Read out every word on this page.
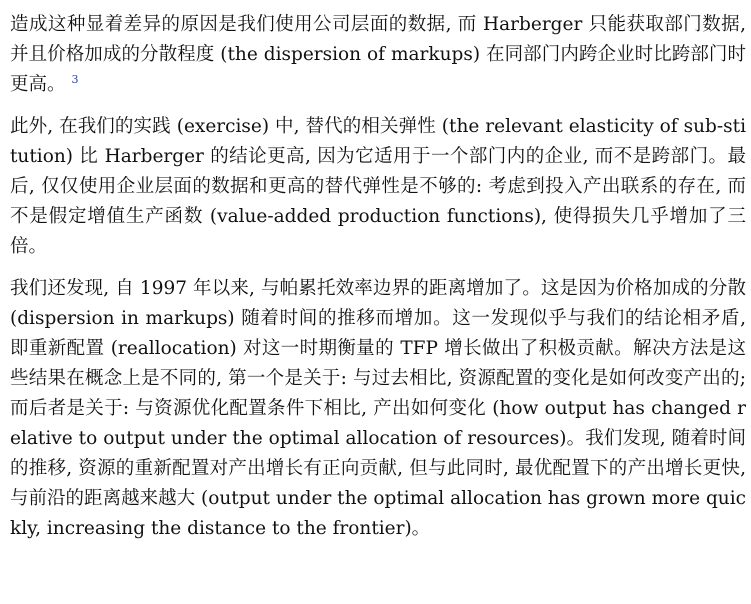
造成这种显着差异的原因是我们使用公司层面的数据, 而 Harberger 只能获取部门数据, 并且价格加成的分散程度 (the dispersion of markups) 在同部门内跨企业时比跨部门时更高。 $^3$

此外, 在我们的实践 (exercise) 中, 替代的相关弹性 (the relevant elasticity of sub-stitution) 比 Harberger 的结论更高, 因为它适用于一个部门内的企业, 而不是跨部门。最后, 仅仅使用企业层面的数据和更高的替代弹性是不够的: 考虑到投入产出联系的存在, 而不是假定增值生产函数 (value-added production functions), 使得损失几乎增加了三倍。

我们还发现, 自 1997 年以来, 与帕累托效率边界的距离增加了。这是因为价格加成的分散 (dispersion in markups) 随着时间的推移而增加。这一发现似乎与我们的结论相矛盾, 即重新配置 (reallocation) 对这一时期衡量的 TFP 增长做出了积极贡献。解决方法是这些结果在概念上是不同的, 第一个是关于: 与过去相比, 资源配置的变化是如何改变产出的; 而后者是关于: 与资源优化配置条件下相比, 产出如何变化 (how output has changed relative to output under the optimal allocation of resources)。我们发现, 随着时间的推移, 资源的重新配置对产出增长有正向贡献, 但与此同时, 最优配置下的产出增长更快, 与前沿的距离越来越大 (output under the optimal allocation has grown more quickly, increasing the distance to the frontier)。
